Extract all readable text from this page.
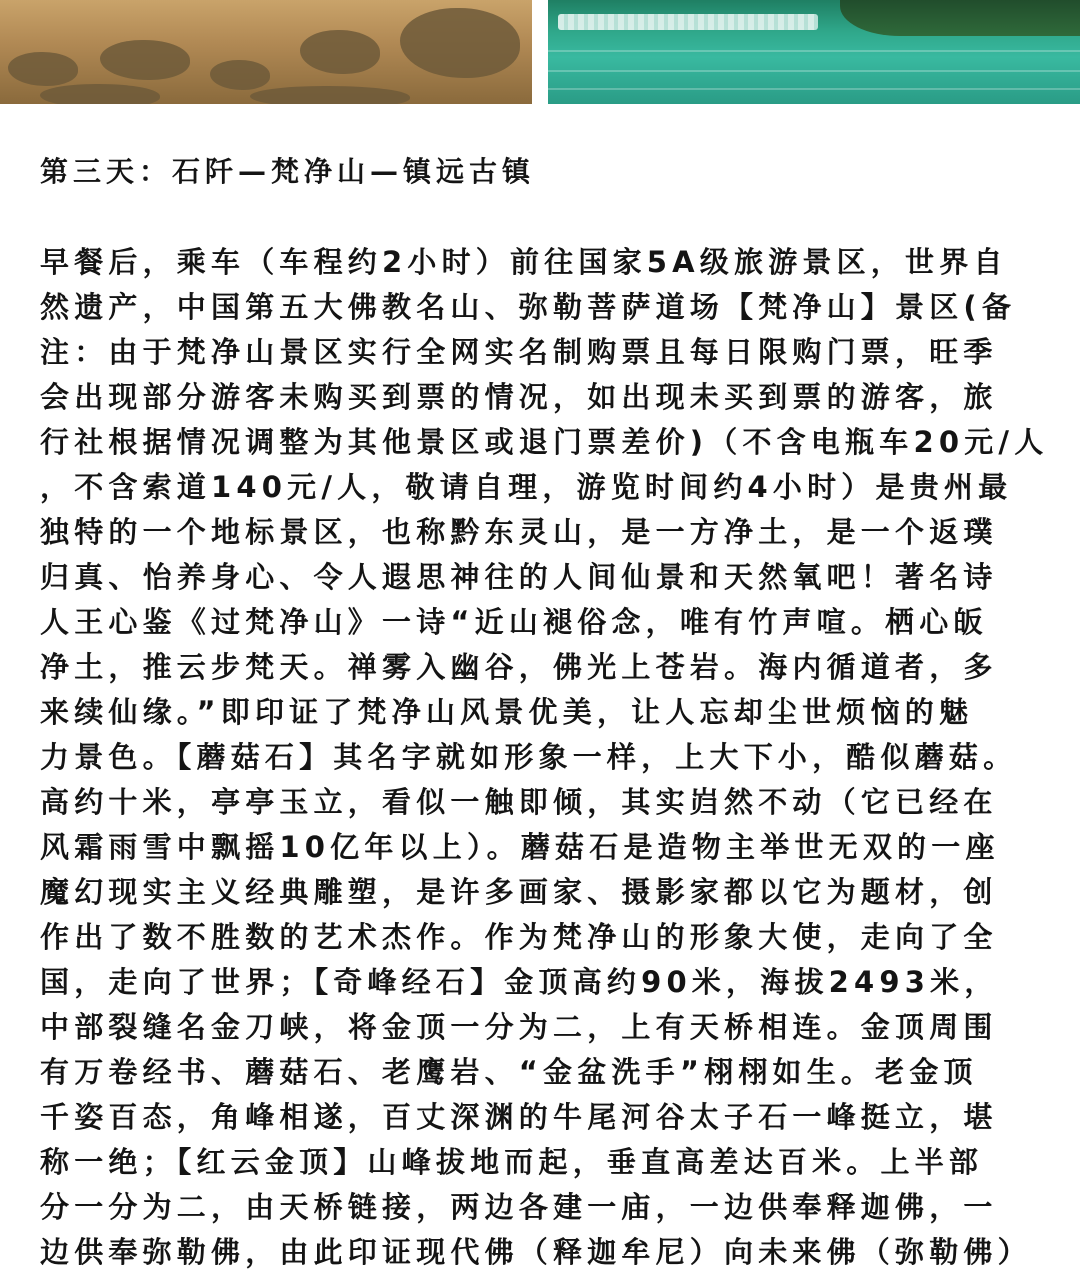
第三天：石阡—梵净山—镇远古镇
早餐后，乘车（车程约2小时）前往国家5A级旅游景区，世界自
然遗产，中国第五大佛教名山、弥勒菩萨道场【梵净山】景区(备
注：由于梵净山景区实行全网实名制购票且每日限购门票，旺季
会出现部分游客未购买到票的情况，如出现未买到票的游客，旅
行社根据情况调整为其他景区或退门票差价)（不含电瓶车20元/人
，不含索道140元/人，敬请自理，游览时间约4小时）是贵州最
独特的一个地标景区，也称黔东灵山，是一方净土，是一个返璞
归真、怡养身心、令人遐思神往的人间仙景和天然氧吧！著名诗
人王心鉴《过梵净山》一诗“近山褪俗念，唯有竹声喧。栖心皈
净土，推云步梵天。禅雾入幽谷，佛光上苍岩。海内循道者，多
来续仙缘。”即印证了梵净山风景优美，让人忘却尘世烦恼的魅
力景色。【蘑菇石】其名字就如形象一样，上大下小，酷似蘑菇。
高约十米，亭亭玉立，看似一触即倾，其实岿然不动（它已经在
风霜雨雪中飘摇10亿年以上）。蘑菇石是造物主举世无双的一座
魔幻现实主义经典雕塑，是许多画家、摄影家都以它为题材，创
作出了数不胜数的艺术杰作。作为梵净山的形象大使，走向了全
国，走向了世界；【奇峰经石】金顶高约90米，海拔2493米，
中部裂缝名金刀峡，将金顶一分为二，上有天桥相连。金顶周围
有万卷经书、蘑菇石、老鹰岩、“金盆洗手”栩栩如生。老金顶
千姿百态，角峰相遂，百丈深渊的牛尾河谷太子石一峰挺立，堪
称一绝；【红云金顶】山峰拔地而起，垂直高差达百米。上半部
分一分为二，由天桥链接，两边各建一庙，一边供奉释迦佛，一
边供奉弥勒佛，由此印证现代佛（释迦牟尼）向未来佛（弥勒佛）
